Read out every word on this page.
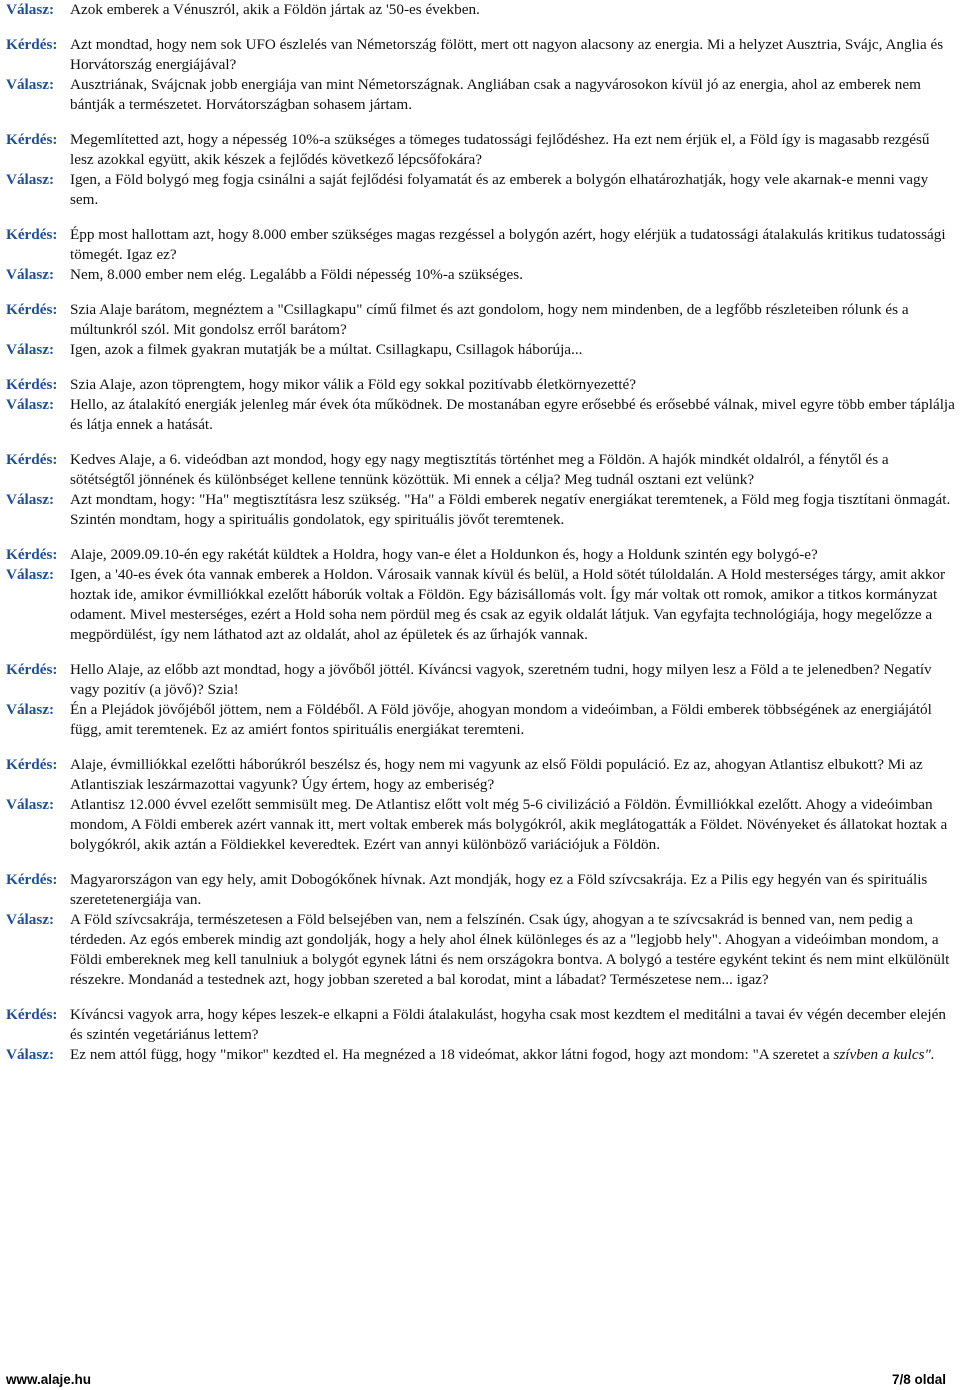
Válasz:	Azok emberek a Vénuszról, akik a Földön jártak az '50-es években.
Kérdés: Azt mondtad, hogy nem sok UFO észlelés van Németország fölött, mert ott nagyon alacsony az energia. Mi a helyzet Ausztria, Svájc, Anglia és Horvátország energiájával?
Válasz:	Ausztriának, Svájcnak jobb energiája van mint Németországnak. Angliában csak a nagyvárosokon kívül jó az energia, ahol az emberek nem bántják a természetet. Horvátországban sohasem jártam.
Kérdés: Megemlítetted azt, hogy a népesség 10%-a szükséges a tömeges tudatossági fejlődéshez. Ha ezt nem érjük el, a Föld így is magasabb rezgésű lesz azokkal együtt, akik készek a fejlődés következő lépcsőfokára?
Válasz:	Igen, a Föld bolygó meg fogja csinálni a saját fejlődési folyamatát és az emberek a bolygón elhatározhatják, hogy vele akarnak-e menni vagy sem.
Kérdés: Épp most hallottam azt, hogy 8.000 ember szükséges magas rezgéssel a bolygón azért, hogy elérjük a tudatossági átalakulás kritikus tudatossági tömegét. Igaz ez?
Válasz:	Nem, 8.000 ember nem elég. Legalább a Földi népesség 10%-a szükséges.
Kérdés: Szia Alaje barátom, megnéztem a "Csillagkapu" című filmet és azt gondolom, hogy nem mindenben, de a legfőbb részleteiben rólunk és a múltunkról szól. Mit gondolsz erről barátom?
Válasz:	Igen, azok a filmek gyakran mutatják be a múltat. Csillagkapu, Csillagok háborúja...
Kérdés: Szia Alaje, azon töprengtem, hogy mikor válik a Föld egy sokkal pozitívabb életkörnyezetté?
Válasz:	Hello, az átalakító energiák jelenleg már évek óta működnek. De mostanában egyre erősebbé és erősebbé válnak, mivel egyre több ember táplálja és látja ennek a hatását.
Kérdés: Kedves Alaje, a 6. videódban azt mondod, hogy egy nagy megtisztítás történhet meg a Földön. A hajók mindkét oldalról, a fénytől és a sötétségtől jönnének és különbséget kellene tennünk közöttük. Mi ennek a célja? Meg tudnál osztani ezt velünk?
Válasz:	Azt mondtam, hogy: "Ha" megtisztításra lesz szükség. "Ha" a Földi emberek negatív energiákat teremtenek, a Föld meg fogja tisztítani önmagát. Szintén mondtam, hogy a spirituális gondolatok, egy spirituális jövőt teremtenek.
Kérdés: Alaje, 2009.09.10-én egy rakétát küldtek a Holdra, hogy van-e élet a Holdunkon és, hogy a Holdunk szintén egy bolygó-e?
Válasz:	Igen, a '40-es évek óta vannak emberek a Holdon. Városaik vannak kívül és belül, a Hold sötét túloldalán. A Hold mesterséges tárgy, amit akkor hoztak ide, amikor évmilliókkal ezelőtt háborúk voltak a Földön. Egy bázisállomás volt. Így már voltak ott romok, amikor a titkos kormányzat odament. Mivel mesterséges, ezért a Hold soha nem pördül meg és csak az egyik oldalát látjuk. Van egyfajta technológiája, hogy megelőzze a megpördülést, így nem láthatod azt az oldalát, ahol az épületek és az űrhajók vannak.
Kérdés: Hello Alaje, az előbb azt mondtad, hogy a jövőből jöttél. Kíváncsi vagyok, szeretném tudni, hogy milyen lesz a Föld a te jelenedben? Negatív vagy pozitív (a jövő)? Szia!
Válasz:	Én a Plejádok jövőjéből jöttem, nem a Földéből. A Föld jövője, ahogyan mondom a videóimban, a Földi emberek többségének az energiájától függ, amit teremtenek. Ez az amiért fontos spirituális energiákat teremteni.
Kérdés: Alaje, évmilliókkal ezelőtti háborúkról beszélsz és, hogy nem mi vagyunk az első Földi populáció. Ez az, ahogyan Atlantisz elbukott? Mi az Atlantisziak leszármazottai vagyunk? Úgy értem, hogy az emberiség?
Válasz:	Atlantisz 12.000 évvel ezelőtt semmisült meg. De Atlantisz előtt volt még 5-6 civilizáció a Földön. Évmilliókkal ezelőtt. Ahogy a videóimban mondom, A Földi emberek azért vannak itt, mert voltak emberek más bolygókról, akik meglátogatták a Földet. Növényeket és állatokat hoztak a bolygókról, akik aztán a Földiekkel keveredtek. Ezért van annyi különböző variációjuk a Földön.
Kérdés: Magyarországon van egy hely, amit Dobogókőnek hívnak. Azt mondják, hogy ez a Föld szívcsakrája. Ez a Pilis egy hegyén van és spirituális szeretetenergiája van.
Válasz:	A Föld szívcsakrája, természetesen a Föld belsejében van, nem a felszínén. Csak úgy, ahogyan a te szívcsakrád is benned van, nem pedig a térdeden. Az egós emberek mindig azt gondolják, hogy a hely ahol élnek különleges és az a "legjobb hely". Ahogyan a videóimban mondom, a Földi embereknek meg kell tanulniuk a bolygót egynek látni és nem országokra bontva. A bolygó a testére egyként tekint és nem mint elkülönült részekre. Mondanád a testednek azt, hogy jobban szereted a bal korodat, mint a lábadat? Természetese nem... igaz?
Kérdés: Kíváncsi vagyok arra, hogy képes leszek-e elkapni a Földi átalakulást, hogyha csak most kezdtem el meditálni a tavai év végén december elején és szintén vegetáriánus lettem?
Válasz:	Ez nem attól függ, hogy "mikor" kezdted el. Ha megnézed a 18 videómat, akkor látni fogod, hogy azt mondom: "A szeretet a szívben a kulcs".
www.alaje.hu	7/8 oldal
